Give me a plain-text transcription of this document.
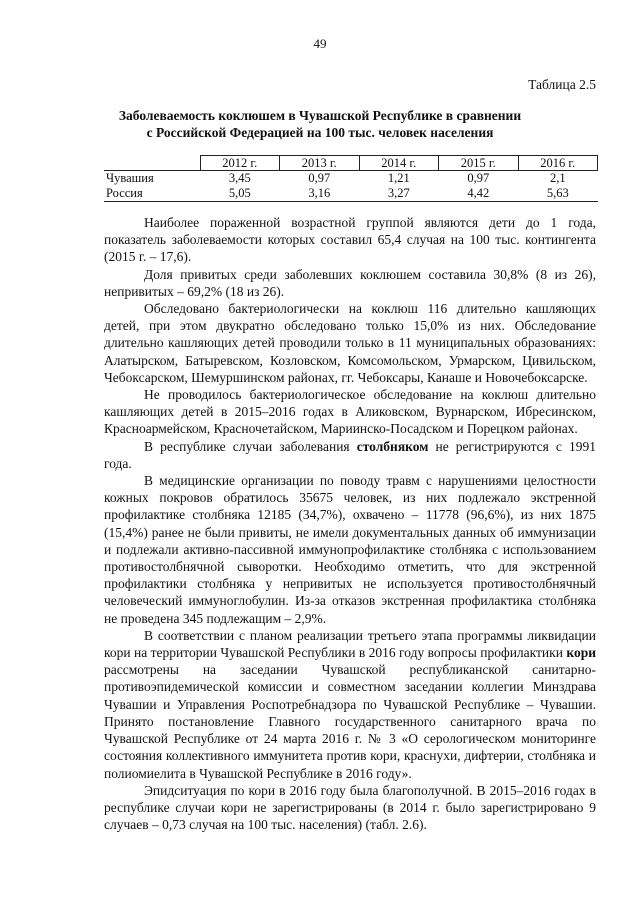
49
Таблица 2.5
Заболеваемость коклюшем в Чувашской Республике в сравнении
с Российской Федерацией на 100 тыс. человек населения
	2012 г.	2013 г.	2014 г.	2015 г.	2016 г.
Чувашия	3,45	0,97	1,21	0,97	2,1
Россия	5,05	3,16	3,27	4,42	5,63

Наиболее пораженной возрастной группой являются дети до 1 года, показатель заболеваемости которых составил 65,4 случая на 100 тыс. контингента (2015 г. – 17,6).

Доля привитых среди заболевших коклюшем составила 30,8% (8 из 26), непривитых – 69,2% (18 из 26).

Обследовано бактериологически на коклюш 116 длительно кашляющих детей, при этом двукратно обследовано только 15,0% из них. Обследование длительно кашляющих детей проводили только в 11 муниципальных образованиях: Алатырском, Батыревском, Козловском, Комсомольском, Урмарском, Цивильском, Чебоксарском, Шемуршинском районах, гг. Чебоксары, Канаше и Новочебоксарске.

Не проводилось бактериологическое обследование на коклюш длительно кашляющих детей в 2015–2016 годах в Аликовском, Вурнарском, Ибресинском, Красноармейском, Красночетайском, Мариинско-Посадском и Порецком районах.

В республике случаи заболевания столбняком не регистрируются с 1991 года.

В медицинские организации по поводу травм с нарушениями целостности кожных покровов обратилось 35675 человек, из них подлежало экстренной профилактике столбняка 12185 (34,7%), охвачено – 11778 (96,6%), из них 1875 (15,4%) ранее не были привиты, не имели документальных данных об иммунизации и подлежали активно-пассивной иммунопрофилактике столбняка с использованием противостолбнячной сыворотки. Необходимо отметить, что для экстренной профилактики столбняка у непривитых не используется противостолбнячный человеческий иммуноглобулин. Из-за отказов экстренная профилактика столбняка не проведена 345 подлежащим – 2,9%.

В соответствии с планом реализации третьего этапа программы ликвидации кори на территории Чувашской Республики в 2016 году вопросы профилактики кори рассмотрены на заседании Чувашской республиканской санитарно-противоэпидемической комиссии и совместном заседании коллегии Минздрава Чувашии и Управления Роспотребнадзора по Чувашской Республике – Чувашии. Принято постановление Главного государственного санитарного врача по Чувашской Республике от 24 марта 2016 г. № 3 «О серологическом мониторинге состояния коллективного иммунитета против кори, краснухи, дифтерии, столбняка и полиомиелита в Чувашской Республике в 2016 году».

Эпидситуация по кори в 2016 году была благополучной. В 2015–2016 годах в республике случаи кори не зарегистрированы (в 2014 г. было зарегистрировано 9 случаев – 0,73 случая на 100 тыс. населения) (табл. 2.6).
